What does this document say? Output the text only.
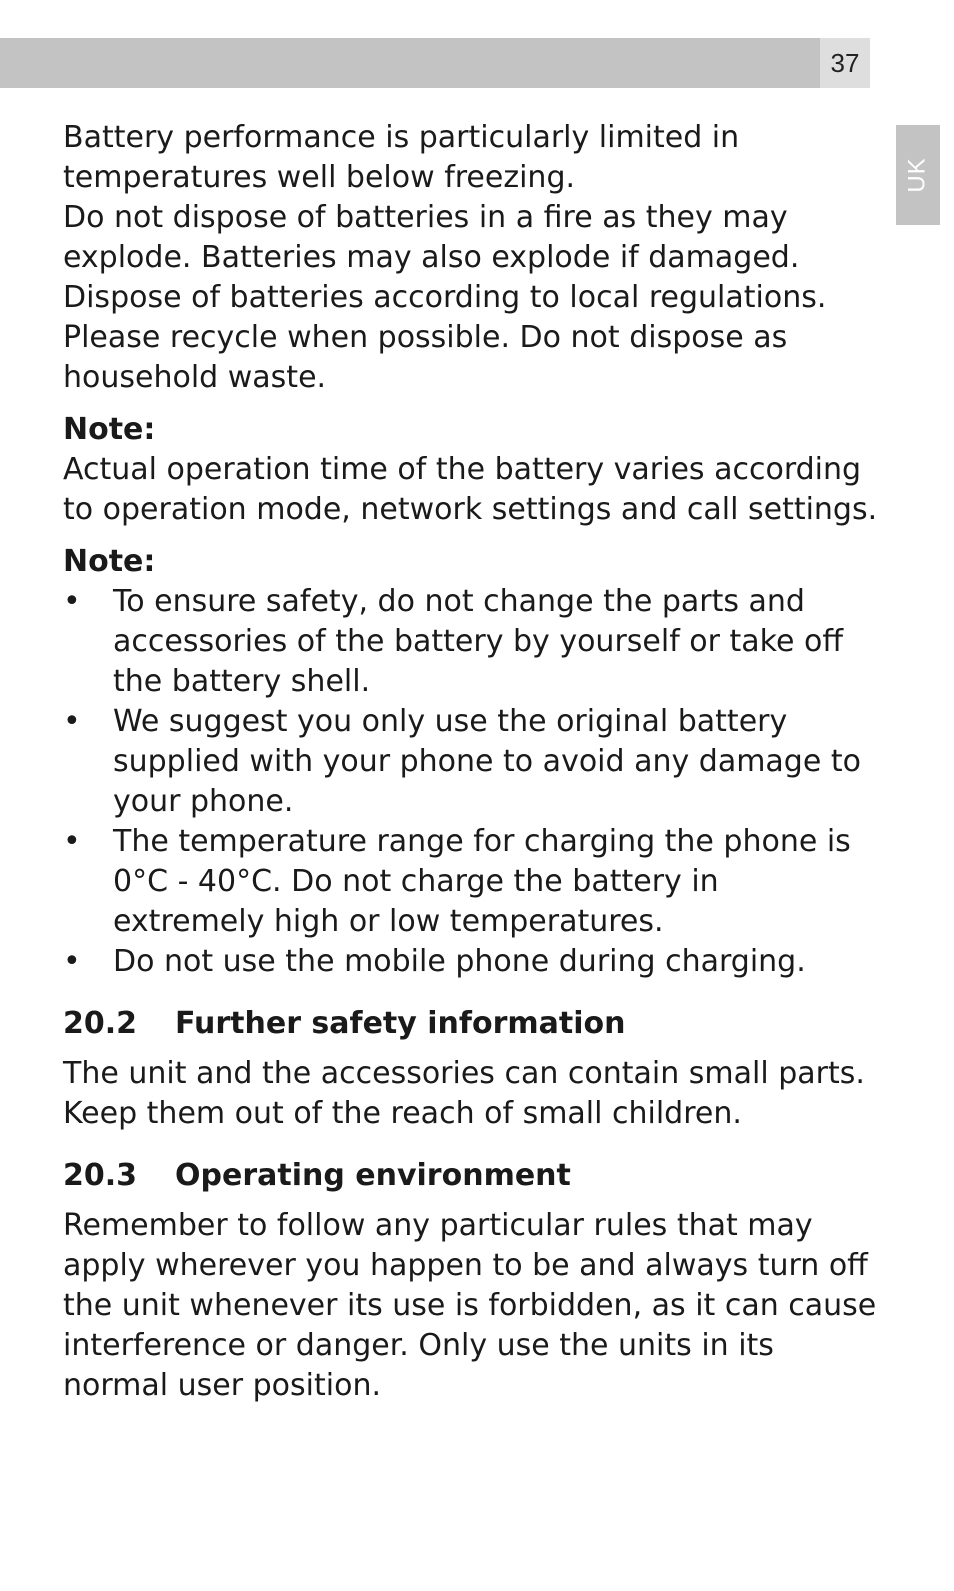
37
UK

Battery performance is particularly limited in temperatures well below freezing.

Do not dispose of batteries in a fire as they may explode. Batteries may also explode if damaged. Dispose of batteries according to local regulations. Please recycle when possible. Do not dispose as household waste.

Note:

Actual operation time of the battery varies according to operation mode, network settings and call settings.

Note:

• To ensure safety, do not change the parts and accessories of the battery by yourself or take off the battery shell.
• We suggest you only use the original battery supplied with your phone to avoid any damage to your phone.
• The temperature range for charging the phone is 0°C - 40°C. Do not charge the battery in extremely high or low temperatures.
• Do not use the mobile phone during charging.
20.2	Further safety information

The unit and the accessories can contain small parts. Keep them out of the reach of small children.

20.3	Operating environment

Remember to follow any particular rules that may apply wherever you happen to be and always turn off the unit whenever its use is forbidden, as it can cause interference or danger. Only use the units in its normal user position.
